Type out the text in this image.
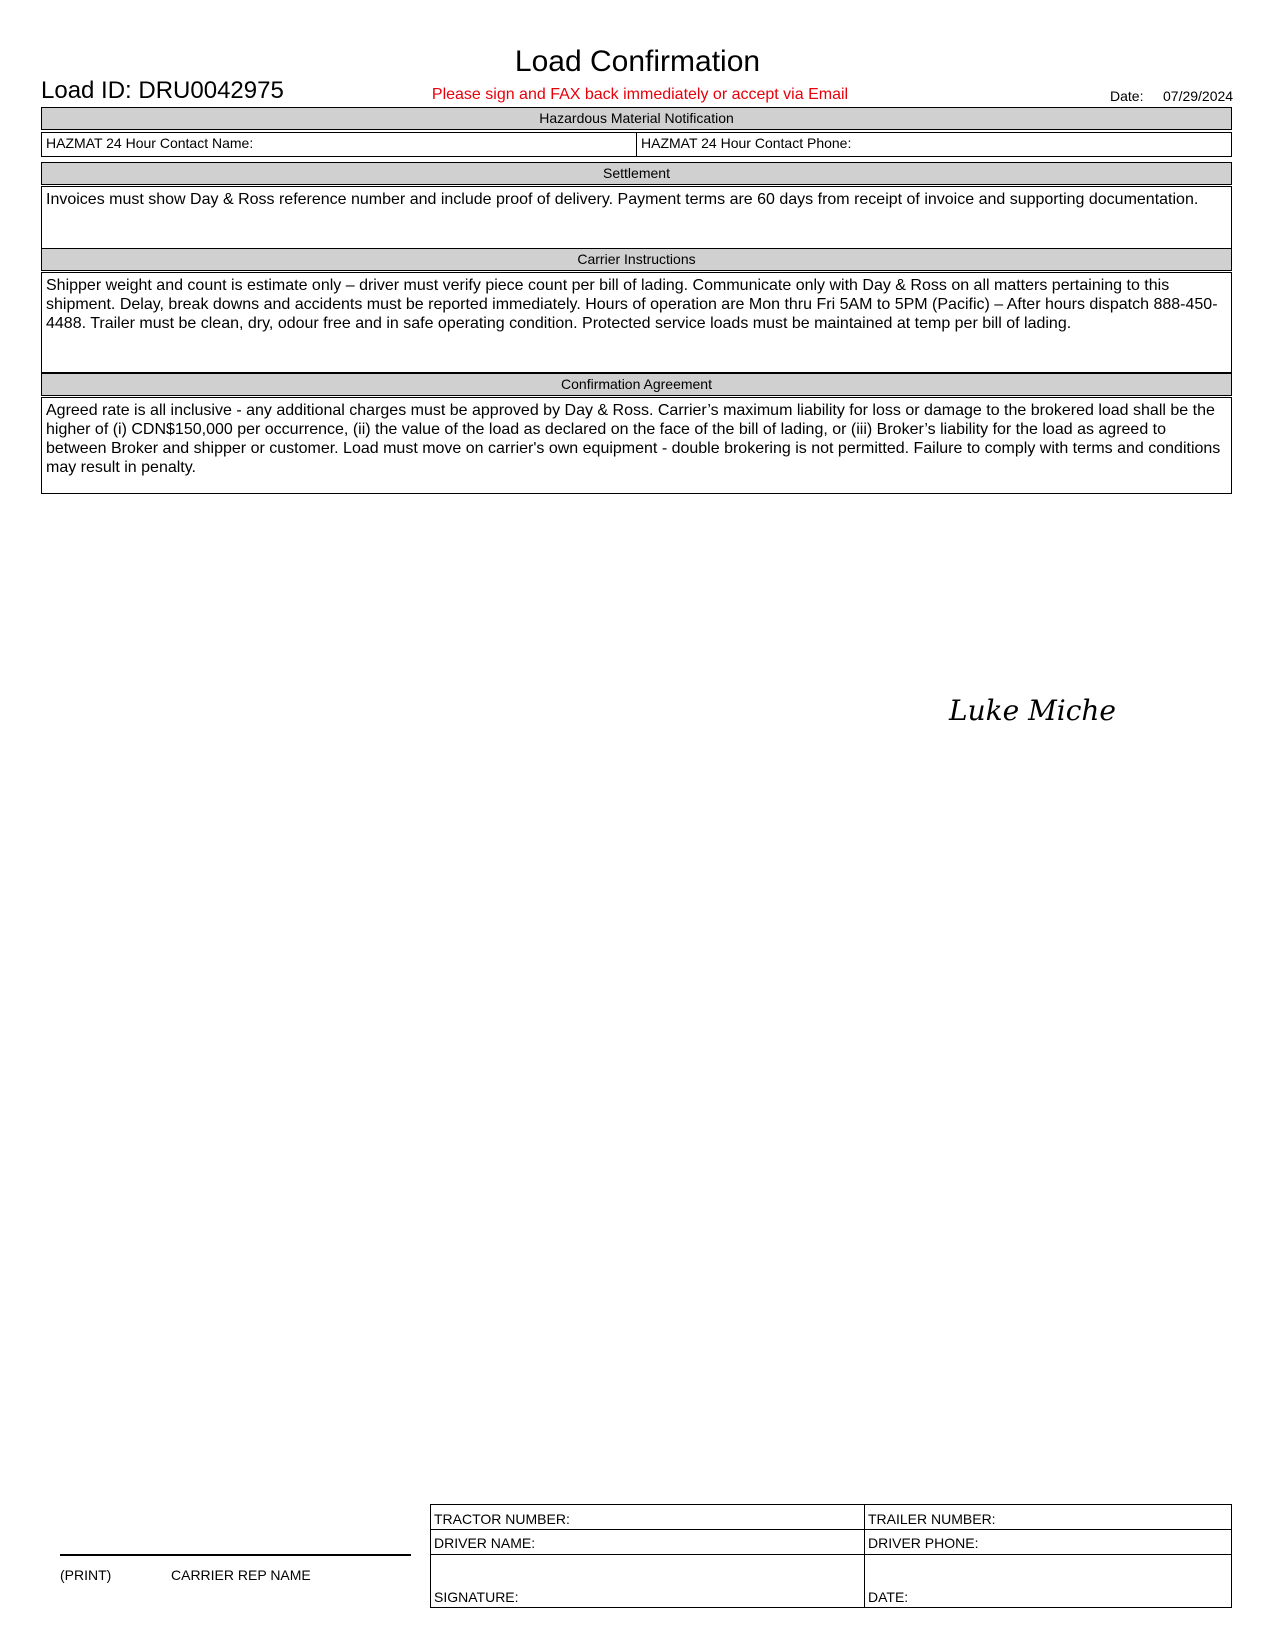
Load Confirmation
Load ID: DRU0042975	Please sign and FAX back immediately or accept via Email	Date: 07/29/2024
Hazardous Material Notification
HAZMAT 24 Hour Contact Name:	HAZMAT 24 Hour Contact Phone:
Settlement
Invoices must show Day & Ross reference number and include proof of delivery. Payment terms are 60 days from receipt of invoice and supporting documentation.
Carrier Instructions
Shipper weight and count is estimate only – driver must verify piece count per bill of lading. Communicate only with Day & Ross on all matters pertaining to this shipment. Delay, break downs and accidents must be reported immediately. Hours of operation are Mon thru Fri 5AM to 5PM (Pacific) – After hours dispatch 888-450-4488. Trailer must be clean, dry, odour free and in safe operating condition. Protected service loads must be maintained at temp per bill of lading.
Confirmation Agreement
Agreed rate is all inclusive - any additional charges must be approved by Day & Ross. Carrier’s maximum liability for loss or damage to the brokered load shall be the higher of (i) CDN$150,000 per occurrence, (ii) the value of the load as declared on the face of the bill of lading, or (iii) Broker’s liability for the load as agreed to between Broker and shipper or customer. Load must move on carrier's own equipment - double brokering is not permitted. Failure to comply with terms and conditions may result in penalty.
Luke Miche
(PRINT)	CARRIER REP NAME
TRACTOR NUMBER:	TRAILER NUMBER:
DRIVER NAME:	DRIVER PHONE:
SIGNATURE:	DATE:
